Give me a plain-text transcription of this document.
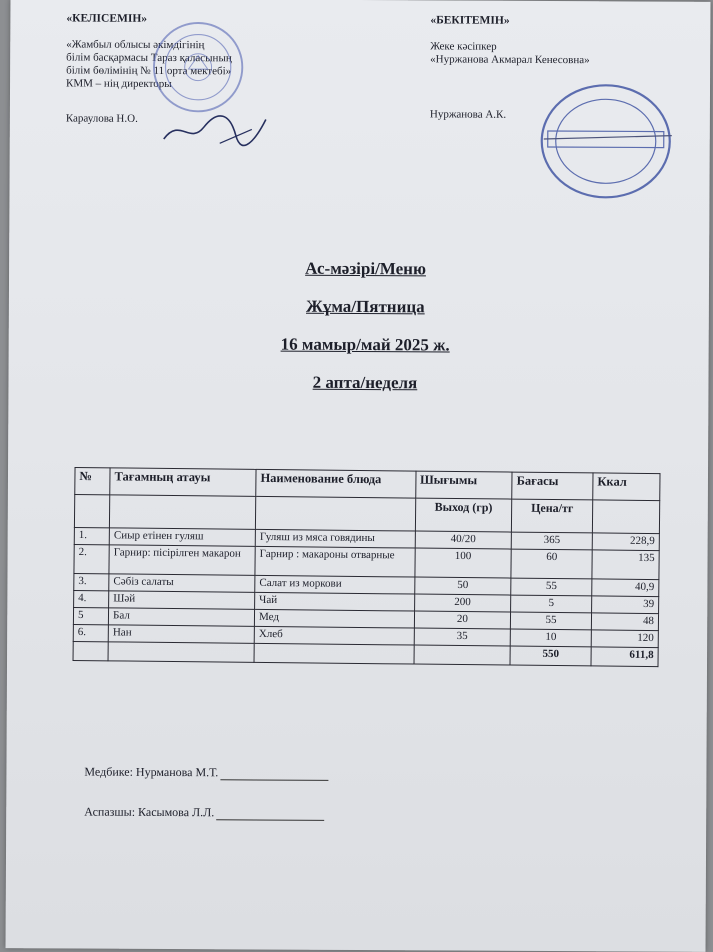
«КЕЛІСЕМІН»
«Жамбыл облысы әкімдігінің
білім басқармасы Тараз қаласының
білім бөлімінің № 11 орта мектебі»
КММ – нің директоры
Караулова Н.О.
«БЕКІТЕМІН»
Жеке кәсіпкер
«Нуржанова Акмарал Кенесовна»
Нуржанова А.К.
Ас-мәзірі/Меню
Жұма/Пятница
16 мамыр/май 2025 ж.
2 апта/неделя
№	Тағамның атауы	Наименование блюда	Шығымы	Бағасы	Ккал
			Выход (гр)	Цена/тг	
1.	Сиыр етінен гуляш	Гуляш из мяса говядины	40/20	365	228,9
2.	Гарнир: пісірілген макарон	Гарнир : макароны отварные	100	60	135
3.	Сәбіз салаты	Салат из моркови	50	55	40,9
4.	Шәй	Чай	200	5	39
5	Бал	Мед	20	55	48
6.	Нан	Хлеб	35	10	120
				550	611,8
Медбике: Нурманова М.Т.
Аспазшы: Касымова Л.Л.
